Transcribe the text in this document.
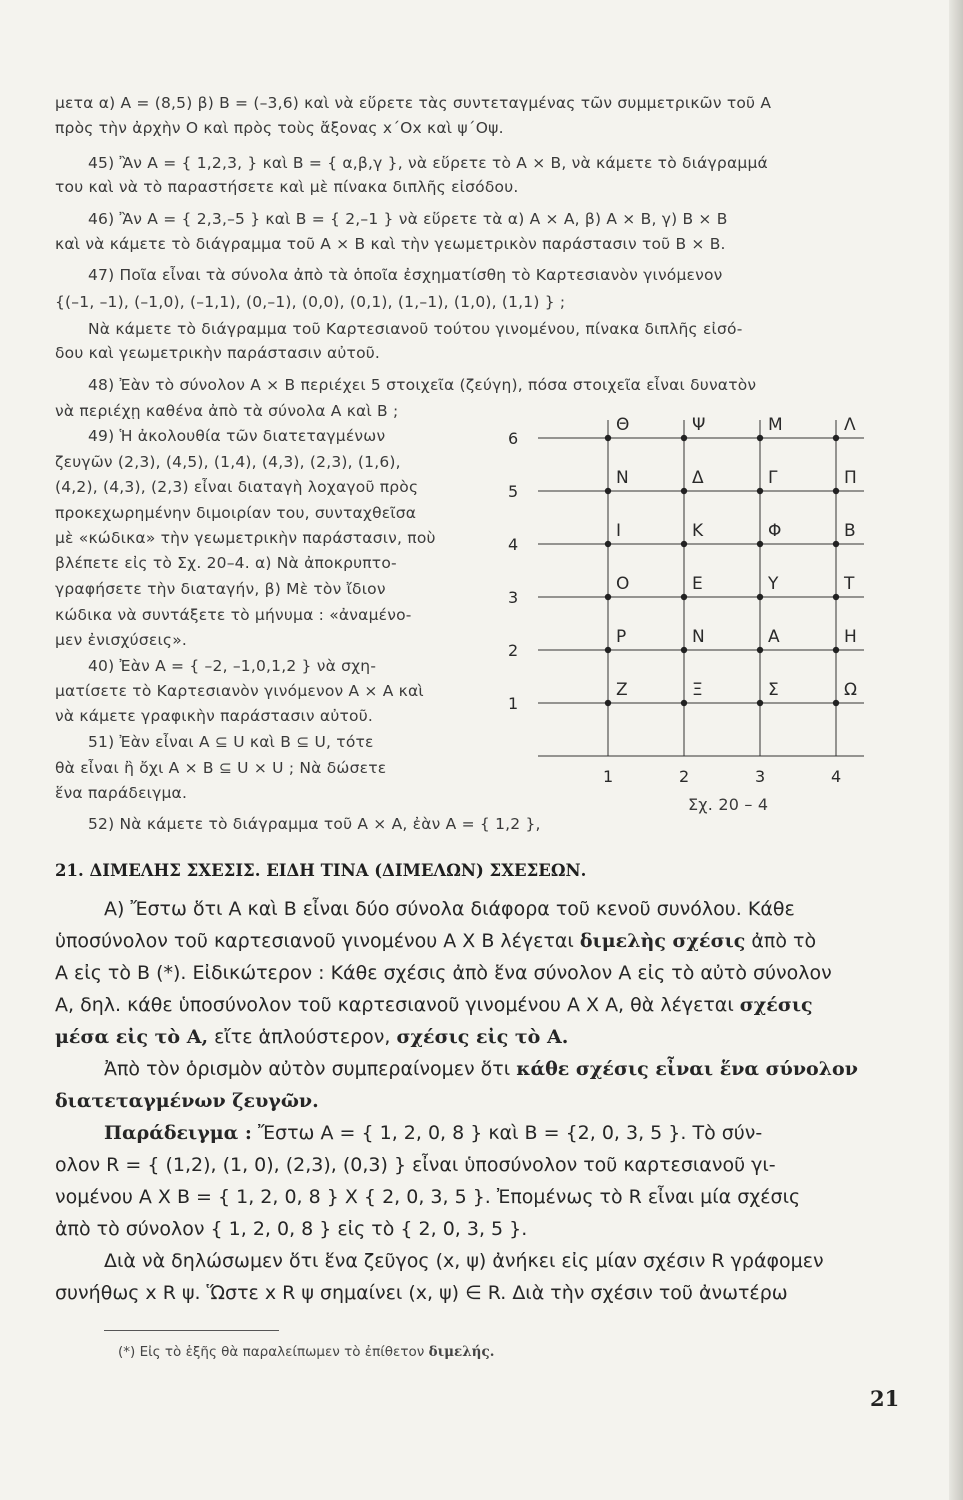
μετα α) Α = (8,5) β) Β = (–3,6) καὶ νὰ εὕρετε τὰς συντεταγμένας τῶν συμμετρικῶν τοῦ Α
πρὸς τὴν ἀρχὴν Ο καὶ πρὸς τοὺς ἄξονας x΄Ox καὶ ψ΄Οψ.
45) Ἂν Α = { 1,2,3, } καὶ Β = { α,β,γ }, νὰ εὕρετε τὸ Α × Β, νὰ κάμετε τὸ διάγραμμά
του καὶ νὰ τὸ παραστήσετε καὶ μὲ πίνακα διπλῆς εἰσόδου.
46) Ἂν Α = { 2,3,–5 } καὶ Β = { 2,–1 } νὰ εὕρετε τὰ α) Α × Α, β) Α × Β, γ) Β × Β
καὶ νὰ κάμετε τὸ διάγραμμα τοῦ Α × Β καὶ τὴν γεωμετρικὸν παράστασιν τοῦ Β × Β.
47) Ποῖα εἶναι τὰ σύνολα ἀπὸ τὰ ὁποῖα ἐσχηματίσθη τὸ Καρτεσιανὸν γινόμενον
{(–1, –1), (–1,0), (–1,1), (0,–1), (0,0), (0,1), (1,–1), (1,0), (1,1) } ;
Νὰ κάμετε τὸ διάγραμμα τοῦ Καρτεσιανοῦ τούτου γινομένου, πίνακα διπλῆς εἰσό-
δου καὶ γεωμετρικὴν παράστασιν αὐτοῦ.
48) Ἐὰν τὸ σύνολον Α × Β περιέχει 5 στοιχεῖα (ζεύγη), πόσα στοιχεῖα εἶναι δυνατὸν
νὰ περιέχῃ καθένα ἀπὸ τὰ σύνολα Α καὶ Β ;
49) Ἡ ἀκολουθία τῶν διατεταγμένων
ζευγῶν (2,3), (4,5), (1,4), (4,3), (2,3), (1,6),
(4,2), (4,3), (2,3) εἶναι διαταγὴ λοχαγοῦ πρὸς
προκεχωρημένην διμοιρίαν του, συνταχθεῖσα
μὲ «κώδικα» τὴν γεωμετρικὴν παράστασιν, ποὺ
βλέπετε εἰς τὸ Σχ. 20–4. α) Νὰ ἀποκρυπτο-
γραφήσετε τὴν διαταγήν, β) Μὲ τὸν ἴδιον
κώδικα νὰ συντάξετε τὸ μήνυμα : «ἀναμένο-
μεν ἐνισχύσεις».
40) Ἐὰν Α = { –2, –1,0,1,2 } νὰ σχη-
ματίσετε τὸ Καρτεσιανὸν γινόμενον Α × Α καὶ
νὰ κάμετε γραφικὴν παράστασιν αὐτοῦ.
51) Ἐὰν εἶναι Α ⊆ U καὶ Β ⊆ U, τότε
θὰ εἶναι ἢ ὄχι Α × Β ⊆ U × U ; Νὰ δώσετε
ἕνα παράδειγμα.
52) Νὰ κάμετε τὸ διάγραμμα τοῦ Α × Α, ἐὰν Α = { 1,2 },
1
2
3
4
5
6
1	2	3	4
Θ	Ψ	Μ	Λ
Ν	Δ	Γ	Π
Ι	Κ	Φ	Β
Ο	Ε	Υ	Τ
Ρ	Ν	Α	Η
Ζ	Ξ	Σ	Ω
Σχ. 20 – 4
21. ΔΙΜΕΛΗΣ ΣΧΕΣΙΣ. ΕΙΔΗ ΤΙΝΑ (ΔΙΜΕΛΩΝ) ΣΧΕΣΕΩΝ.
Α) Ἔστω ὅτι Α καὶ Β εἶναι δύο σύνολα διάφορα τοῦ κενοῦ συνόλου. Κάθε
ὑποσύνολον τοῦ καρτεσιανοῦ γινομένου Α Χ Β λέγεται διμελὴς σχέσις ἀπὸ τὸ
Α εἰς τὸ Β (*). Εἰδικώτερον : Κάθε σχέσις ἀπὸ ἕνα σύνολον Α εἰς τὸ αὐτὸ σύνολον
Α, δηλ. κάθε ὑποσύνολον τοῦ καρτεσιανοῦ γινομένου Α Χ Α, θὰ λέγεται σχέσις
μέσα εἰς τὸ Α, εἴτε ἁπλούστερον, σχέσις εἰς τὸ Α.
Ἀπὸ τὸν ὁρισμὸν αὐτὸν συμπεραίνομεν ὅτι κάθε σχέσις εἶναι ἕνα σύνολον
διατεταγμένων ζευγῶν.
Παράδειγμα : Ἔστω Α = { 1, 2, 0, 8 } καὶ Β = {2, 0, 3, 5 }. Τὸ σύν-
ολον R = { (1,2), (1, 0), (2,3), (0,3) } εἶναι ὑποσύνολον τοῦ καρτεσιανοῦ γι-
νομένου Α Χ Β = { 1, 2, 0, 8 } Χ { 2, 0, 3, 5 }. Ἐπομένως τὸ R εἶναι μία σχέσις
ἀπὸ τὸ σύνολον { 1, 2, 0, 8 } εἰς τὸ { 2, 0, 3, 5 }.
Διὰ νὰ δηλώσωμεν ὅτι ἕνα ζεῦγος (x, ψ) ἀνήκει εἰς μίαν σχέσιν R γράφομεν
συνήθως x R ψ. Ὥστε x R ψ σημαίνει (x, ψ) ∈ R. Διὰ τὴν σχέσιν τοῦ ἀνωτέρω
(*) Εἰς τὸ ἑξῆς θὰ παραλείπωμεν τὸ ἐπίθετον διμελής.
21
